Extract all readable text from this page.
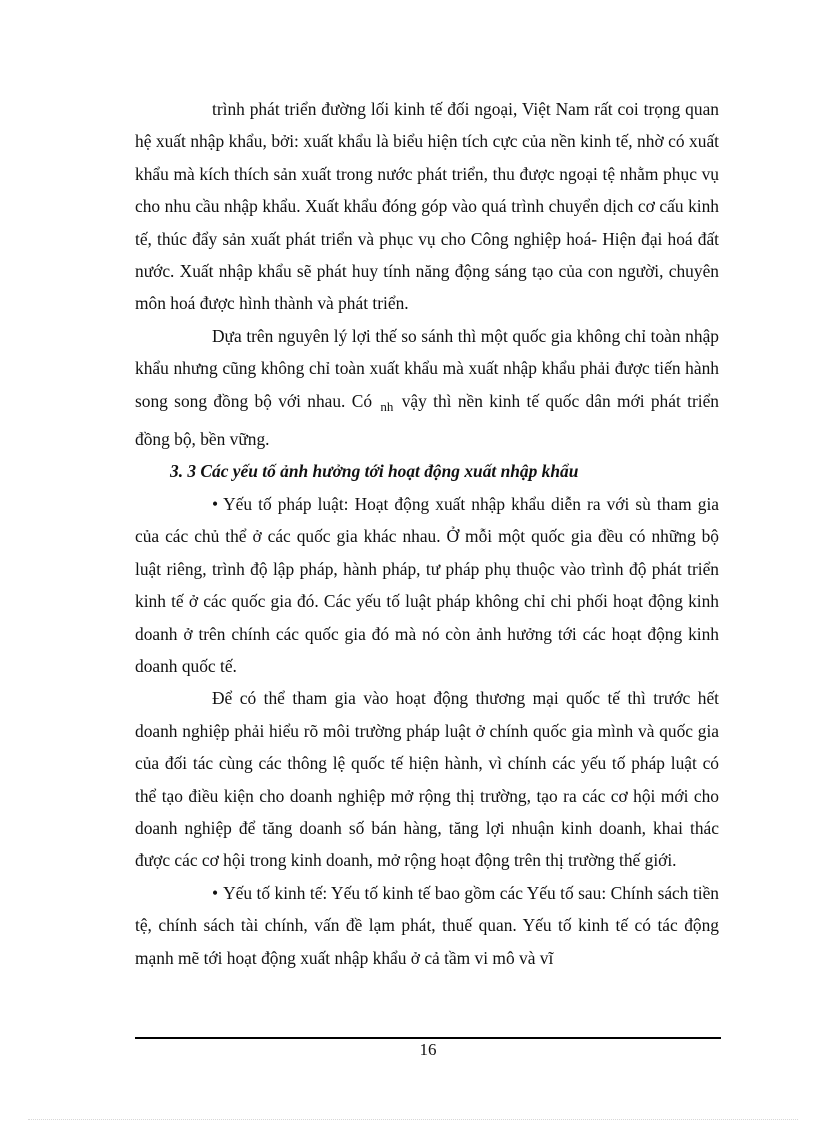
trình phát triển đường lối kinh tế đối ngoại, Việt Nam rất coi trọng quan hệ xuất nhập khẩu, bởi: xuất khẩu là biểu hiện tích cực của nền kinh tế, nhờ có xuất khẩu mà kích thích sản xuất trong nước phát triển, thu được ngoại tệ nhằm phục vụ cho nhu cầu nhập khẩu. Xuất khẩu đóng góp vào quá trình chuyển dịch cơ cấu kinh tế, thúc đẩy sản xuất phát triển và phục vụ cho Công nghiệp hoá- Hiện đại hoá đất nước. Xuất nhập khẩu sẽ phát huy tính năng động sáng tạo của con người, chuyên môn hoá được hình thành và phát triển.

Dựa trên nguyên lý lợi thế so sánh thì một quốc gia không chỉ toàn nhập khẩu nhưng cũng không chỉ toàn xuất khẩu mà xuất nhập khẩu phải được tiến hành song song đồng bộ với nhau. Có $_{nh}$ vậy thì nền kinh tế quốc dân mới phát triển đồng bộ, bền vững.

3. 3 Các yếu tố ảnh hưởng tới hoạt động xuất nhập khẩu

• Yếu tố pháp luật: Hoạt động xuất nhập khẩu diễn ra với sù tham gia của các chủ thể ở các quốc gia khác nhau. Ở mỗi một quốc gia đều có những bộ luật riêng, trình độ lập pháp, hành pháp, tư pháp phụ thuộc vào trình độ phát triển kinh tế ở các quốc gia đó. Các yếu tố luật pháp không chỉ chi phối hoạt động kinh doanh ở trên chính các quốc gia đó mà nó còn ảnh hưởng tới các hoạt động kinh doanh quốc tế.

Để có thể tham gia vào hoạt động thương mại quốc tế thì trước hết doanh nghiệp phải hiểu rõ môi trường pháp luật ở chính quốc gia mình và quốc gia của đối tác cùng các thông lệ quốc tế hiện hành, vì chính các yếu tố pháp luật có thể tạo điều kiện cho doanh nghiệp mở rộng thị trường, tạo ra các cơ hội mới cho doanh nghiệp để tăng doanh số bán hàng, tăng lợi nhuận kinh doanh, khai thác được các cơ hội trong kinh doanh, mở rộng hoạt động trên thị trường thế giới.

• Yếu tố kinh tế: Yếu tố kinh tế bao gồm các Yếu tố sau: Chính sách tiền tệ, chính sách tài chính, vấn đề lạm phát, thuế quan. Yếu tố kinh tế có tác động mạnh mẽ tới hoạt động xuất nhập khẩu ở cả tầm vi mô và vĩ

16
